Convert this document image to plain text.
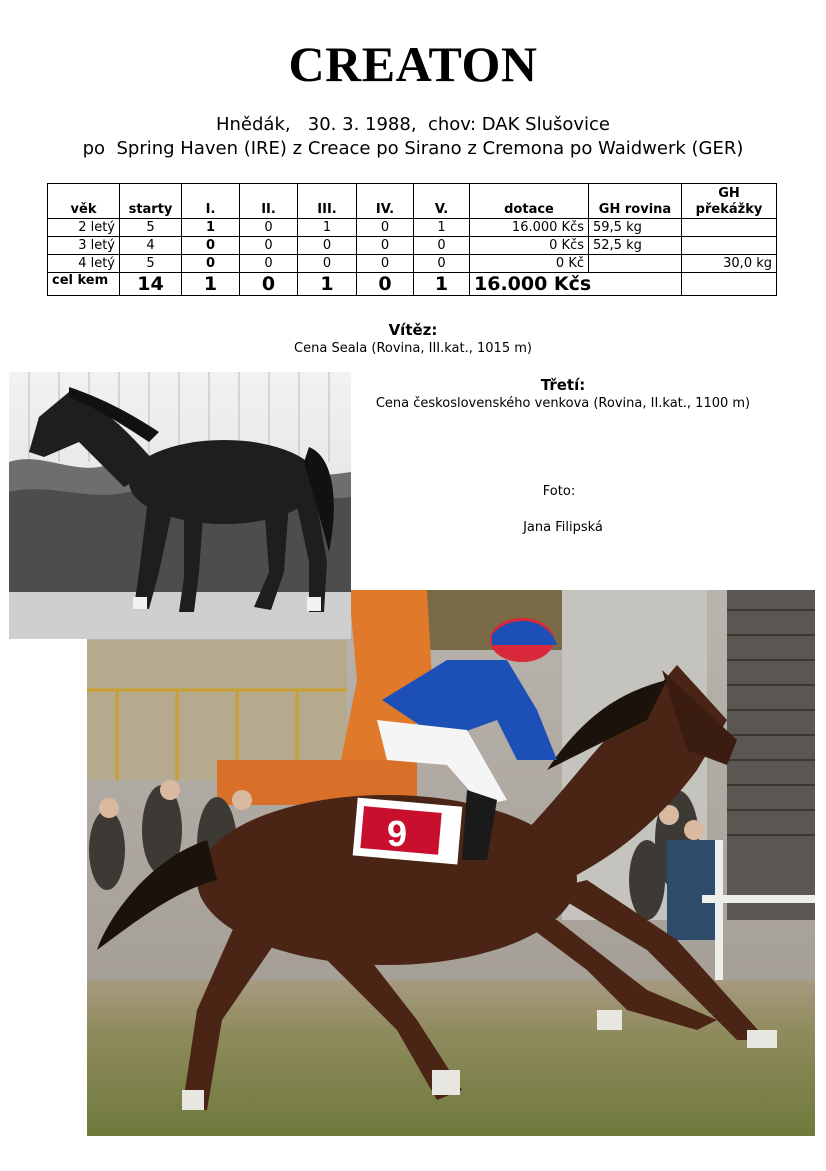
CREATON
Hnědák,   30. 3. 1988,  chov: DAK Slušovice
po  Spring Haven (IRE) z Creace po Sirano z Cremona po Waidwerk (GER)
věk	starty	I.	II.	III.	IV.	V.	dotace	GH rovina	GH překážky
2 letý	5	1	0	1	0	1	16.000 Kčs	59,5 kg	
3 letý	4	0	0	0	0	0	0 Kčs	52,5 kg	
4 letý	5	0	0	0	0	0	0 Kč		30,0 kg
cel kem	14	1	0	1	0	1	16.000 Kčs		
Vítěz:
Cena Seala (Rovina, III.kat., 1015 m)
Třetí:
Cena československého venkova (Rovina, II.kat., 1100 m)
Foto:
Jana Filipská
9
